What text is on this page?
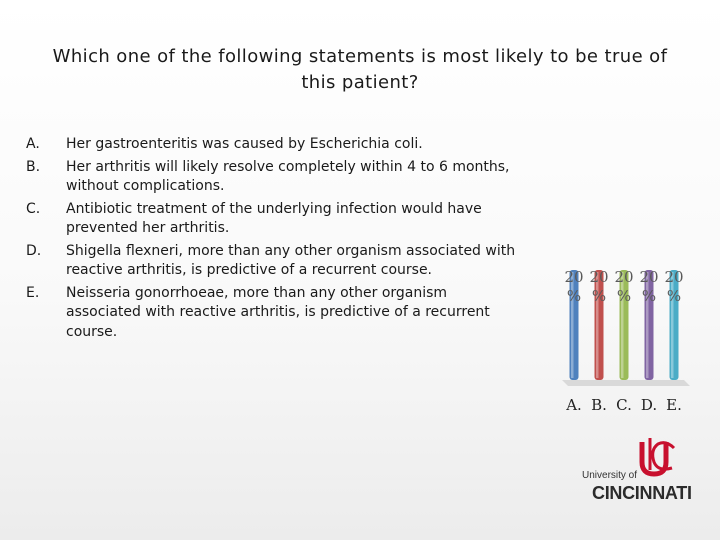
Which one of the following statements is most likely to be true of this patient?
A.	Her gastroenteritis was caused by Escherichia coli.
B.	Her arthritis will likely resolve completely within 4 to 6 months, without complications.
C.	Antibiotic treatment of the underlying infection would have prevented her arthritis.
D.	Shigella flexneri, more than any other organism associated with reactive arthritis, is predictive of a recurrent course.
E.	Neisseria gonorrhoeae, more than any other organism associated with reactive arthritis, is predictive of a recurrent course.
20
%
A.
20
%
B.
20
%
C.
20
%
D.
20
%
E.
University of
CINCINNATI
